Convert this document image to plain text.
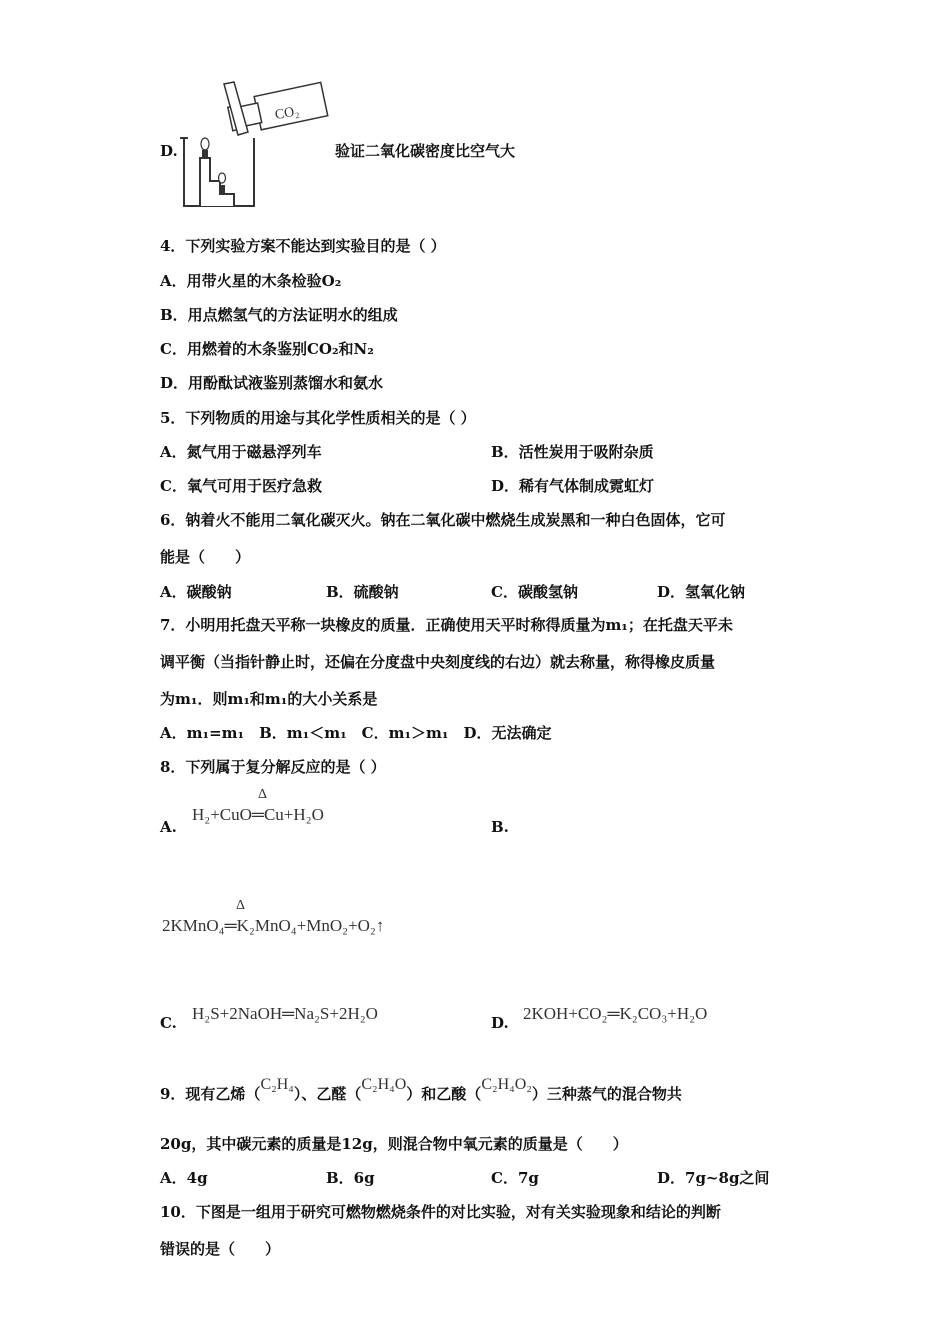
D.
CO₂
验证二氧化碳密度比空气大
4．下列实验方案不能达到实验目的是（ ）
A．用带火星的木条检验O₂
B．用点燃氢气的方法证明水的组成
C．用燃着的木条鉴别CO₂和N₂
D．用酚酞试液鉴别蒸馏水和氨水
5．下列物质的用途与其化学性质相关的是（ ）
A．氮气用于磁悬浮列车	B．活性炭用于吸附杂质
C．氧气可用于医疗急救	D．稀有气体制成霓虹灯
6．钠着火不能用二氧化碳灭火。钠在二氧化碳中燃烧生成炭黑和一种白色固体，它可
能是（　　）
A．碳酸钠	B．硫酸钠	C．碳酸氢钠	D．氢氧化钠
7．小明用托盘天平称一块橡皮的质量．正确使用天平时称得质量为m₁；在托盘天平未
调平衡（当指针静止时，还偏在分度盘中央刻度线的右边）就去称量，称得橡皮质量
为m₁．则m₁和m₁的大小关系是
A．m₁=m₁　B．m₁＜m₁　C．m₁＞m₁　D．无法确定
8．下列属于复分解反应的是（ ）
A.
H₂+CuO═Cu+H₂O
Δ
B.
2KMnO₄═K₂MnO₄+MnO₂+O₂↑
Δ
C. H₂S+2NaOH═Na₂S+2H₂O	D. 2KOH+CO₂═K₂CO₃+H₂O
9．现有乙烯（C₂H₄）、乙醛（C₂H₄O）和乙酸（C₂H₄O₂）三种蒸气的混合物共
20g，其中碳元素的质量是12g，则混合物中氧元素的质量是（　　）
A．4g	B．6g	C．7g	D．7g~8g之间
10．下图是一组用于研究可燃物燃烧条件的对比实验，对有关实验现象和结论的判断
错误的是（　　）
